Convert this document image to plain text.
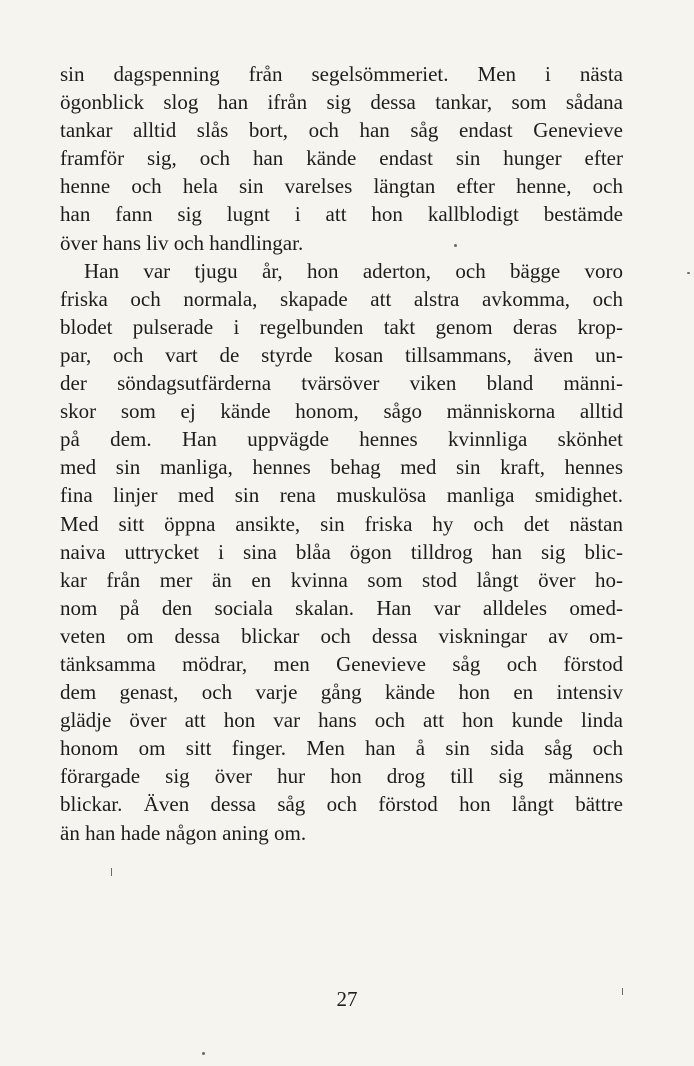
sin dagspenning från segelsömmeriet. Men i nästa
ögonblick slog han ifrån sig dessa tankar, som sådana
tankar alltid slås bort, och han såg endast Genevieve
framför sig, och han kände endast sin hunger efter
henne och hela sin varelses längtan efter henne, och
han fann sig lugnt i att hon kallblodigt bestämde
över hans liv och handlingar.
Han var tjugu år, hon aderton, och bägge voro
friska och normala, skapade att alstra avkomma, och
blodet pulserade i regelbunden takt genom deras krop-
par, och vart de styrde kosan tillsammans, även un-
der söndagsutfärderna tvärsöver viken bland männi-
skor som ej kände honom, sågo människorna alltid
på dem. Han uppvägde hennes kvinnliga skönhet
med sin manliga, hennes behag med sin kraft, hennes
fina linjer med sin rena muskulösa manliga smidighet.
Med sitt öppna ansikte, sin friska hy och det nästan
naiva uttrycket i sina blåa ögon tilldrog han sig blic-
kar från mer än en kvinna som stod långt över ho-
nom på den sociala skalan. Han var alldeles omed-
veten om dessa blickar och dessa viskningar av om-
tänksamma mödrar, men Genevieve såg och förstod
dem genast, och varje gång kände hon en intensiv
glädje över att hon var hans och att hon kunde linda
honom om sitt finger. Men han å sin sida såg och
förargade sig över hur hon drog till sig männens
blickar. Även dessa såg och förstod hon långt bättre
än han hade någon aning om.
27
